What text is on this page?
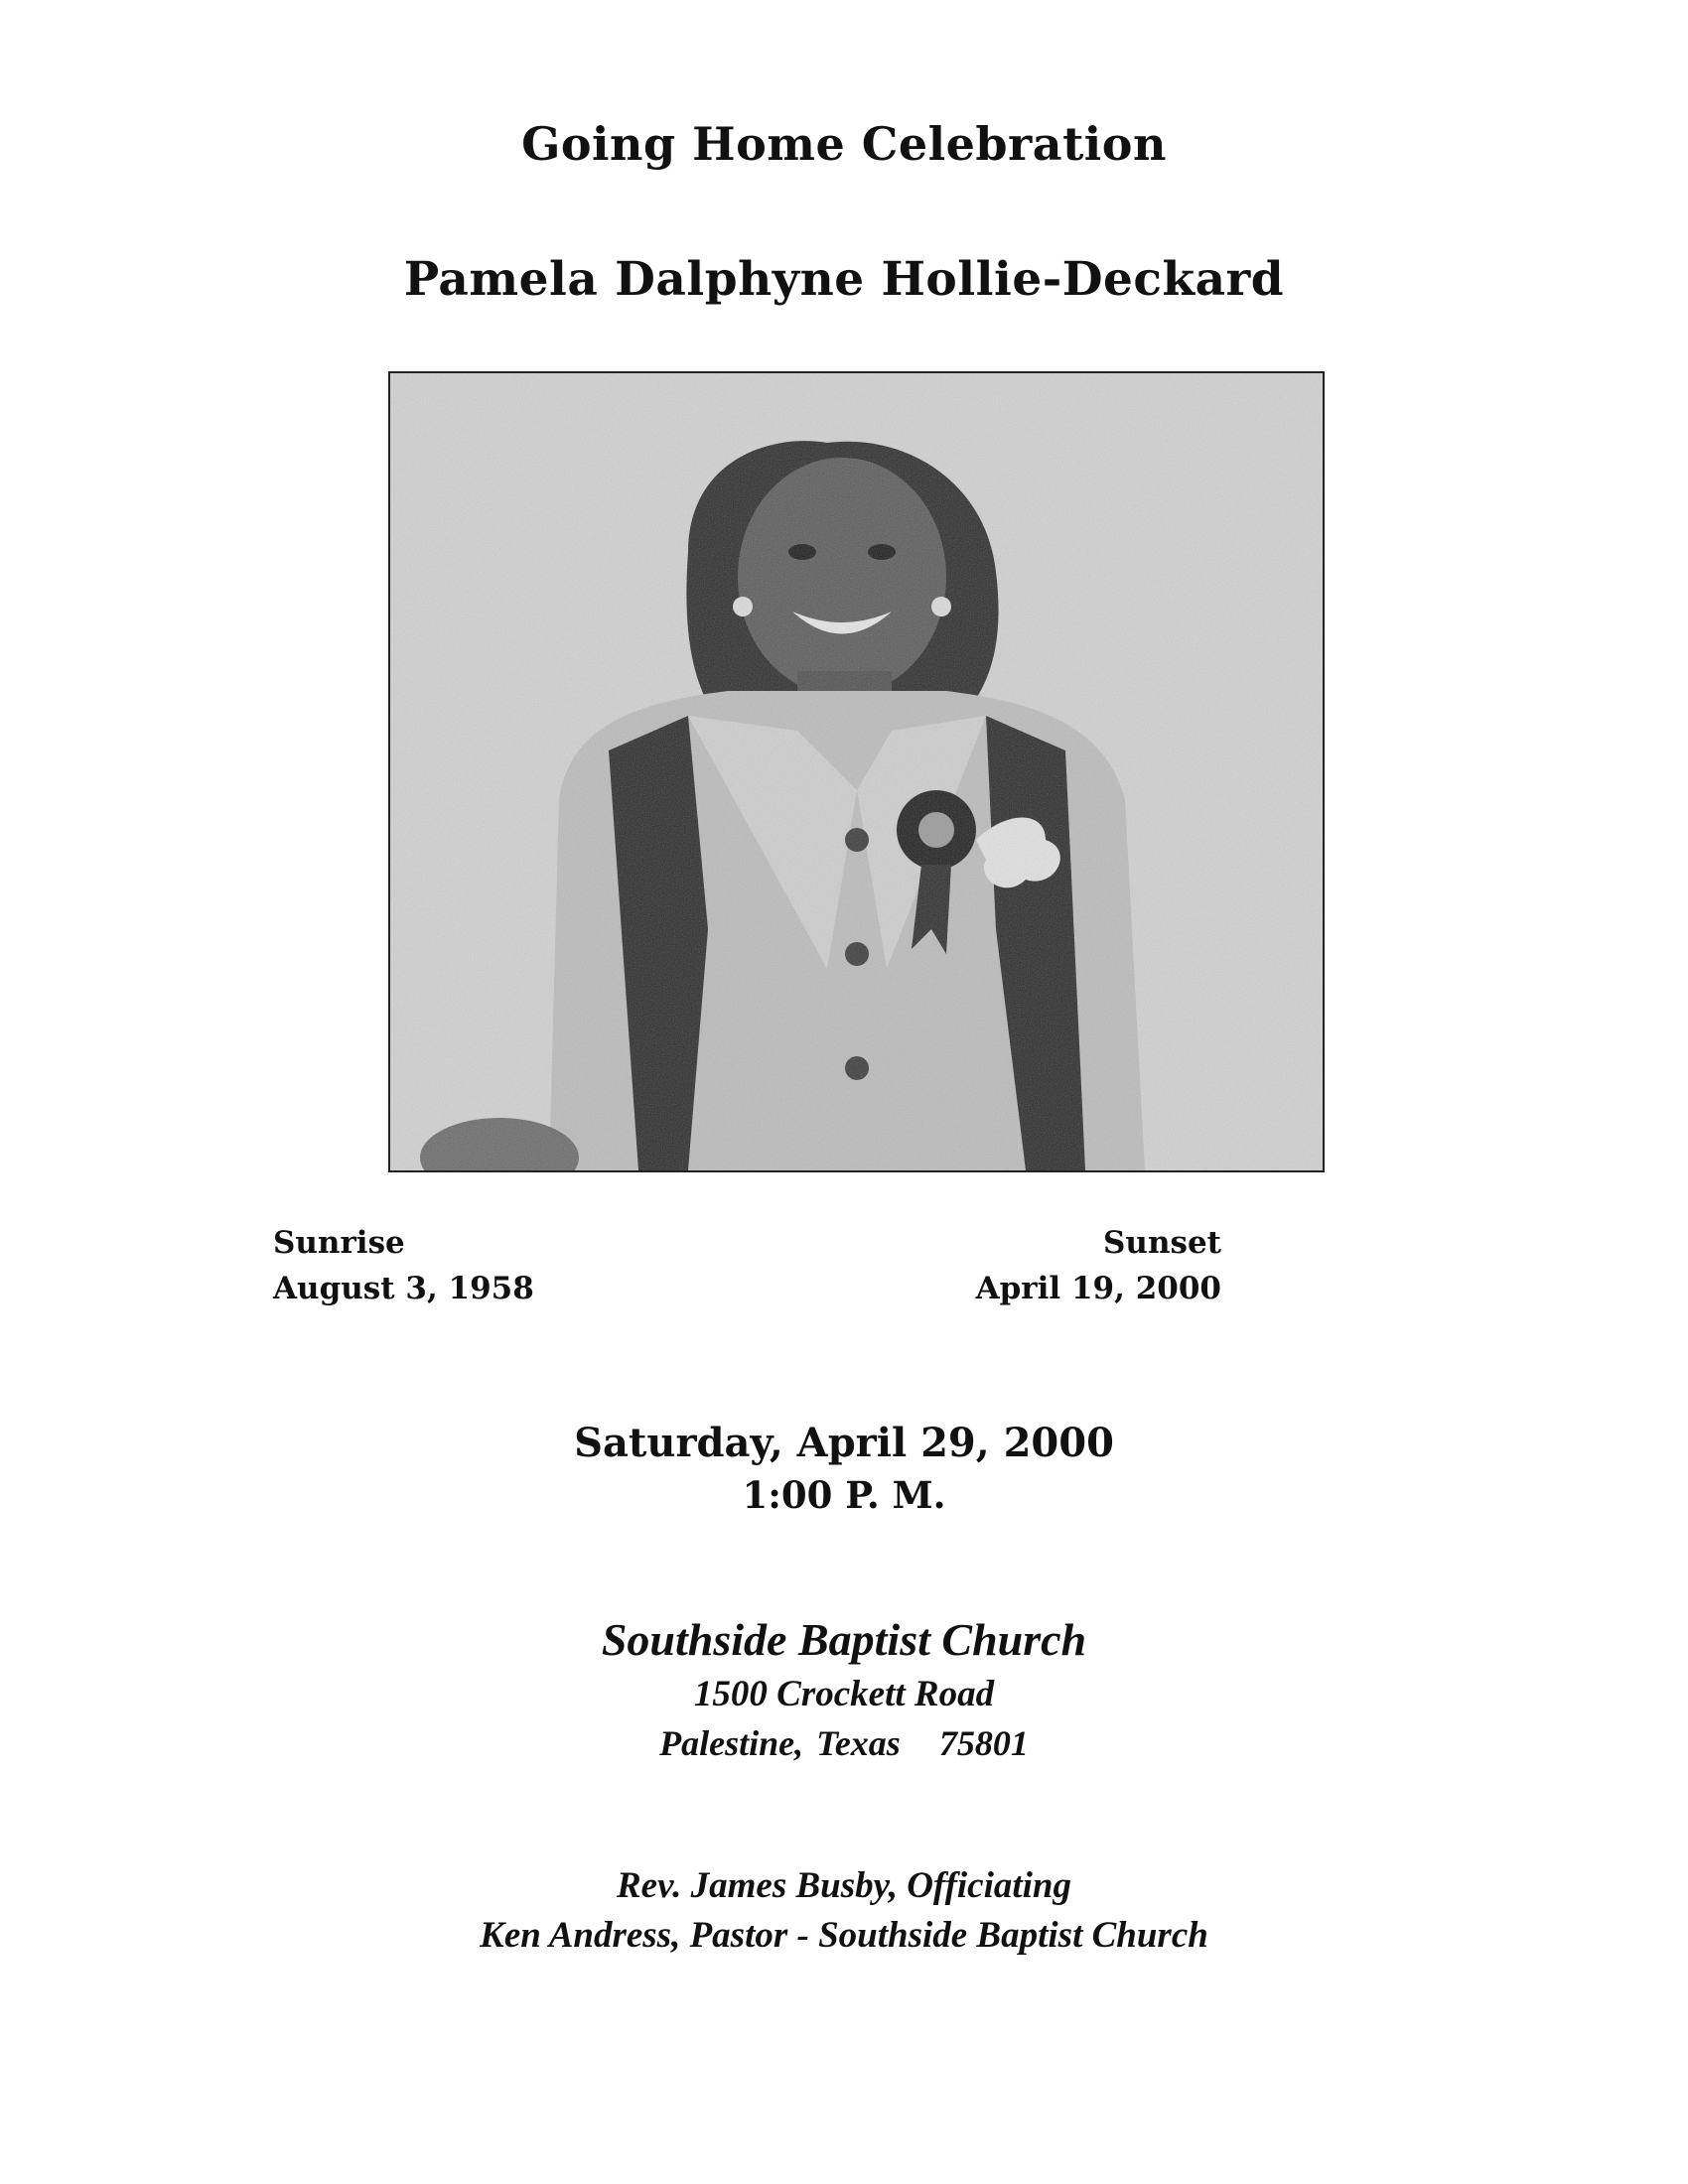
Going Home Celebration
Pamela Dalphyne Hollie-Deckard
Sunrise
August 3, 1958
Sunset
April 19, 2000
Saturday, April 29, 2000
1:00 P. M.
Southside Baptist Church
1500 Crockett Road
Palestine, Texas   75801
Rev. James Busby, Officiating
Ken Andress, Pastor - Southside Baptist Church
